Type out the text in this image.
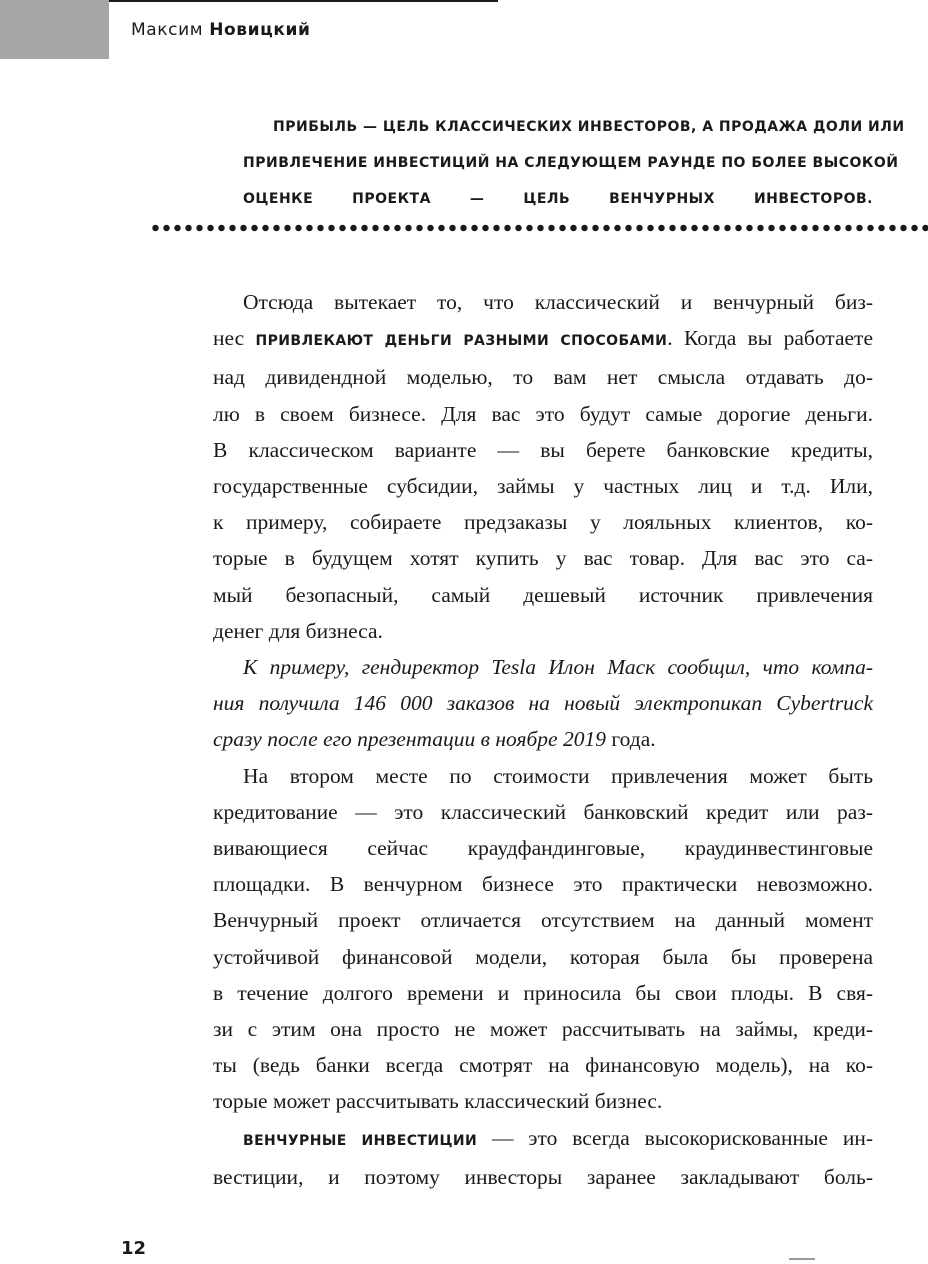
Максим Новицкий

ПРИБЫЛЬ — ЦЕЛЬ КЛАССИЧЕСКИХ ИНВЕСТОРОВ, А ПРОДАЖА ДОЛИ ИЛИ
ПРИВЛЕЧЕНИЕ ИНВЕСТИЦИЙ НА СЛЕДУЮЩЕМ РАУНДЕ ПО БОЛЕЕ ВЫСОКОЙ
ОЦЕНКЕ ПРОЕКТА — ЦЕЛЬ ВЕНЧУРНЫХ ИНВЕСТОРОВ.

Отсюда вытекает то, что классический и венчурный биз-
нес ПРИВЛЕКАЮТ ДЕНЬГИ РАЗНЫМИ СПОСОБАМИ. Когда вы работаете
над дивидендной моделью, то вам нет смысла отдавать до-
лю в своем бизнесе. Для вас это будут самые дорогие деньги.
В классическом варианте — вы берете банковские кредиты,
государственные субсидии, займы у частных лиц и т.д. Или,
к примеру, собираете предзаказы у лояльных клиентов, ко-
торые в будущем хотят купить у вас товар. Для вас это са-
мый безопасный, самый дешевый источник привлечения
денег для бизнеса.
К примеру, гендиректор Tesla Илон Маск сообщил, что компа-
ния получила 146 000 заказов на новый электропикап Cybertruck
сразу после его презентации в ноябре 2019 года.
На втором месте по стоимости привлечения может быть
кредитование — это классический банковский кредит или раз-
вивающиеся сейчас краудфандинговые, краудинвестинговые
площадки. В венчурном бизнесе это практически невозможно.
Венчурный проект отличается отсутствием на данный момент
устойчивой финансовой модели, которая была бы проверена
в течение долгого времени и приносила бы свои плоды. В свя-
зи с этим она просто не может рассчитывать на займы, креди-
ты (ведь банки всегда смотрят на финансовую модель), на ко-
торые может рассчитывать классический бизнес.
ВЕНЧУРНЫЕ ИНВЕСТИЦИИ — это всегда высокорискованные ин-
вестиции, и поэтому инвесторы заранее закладывают боль-
12
